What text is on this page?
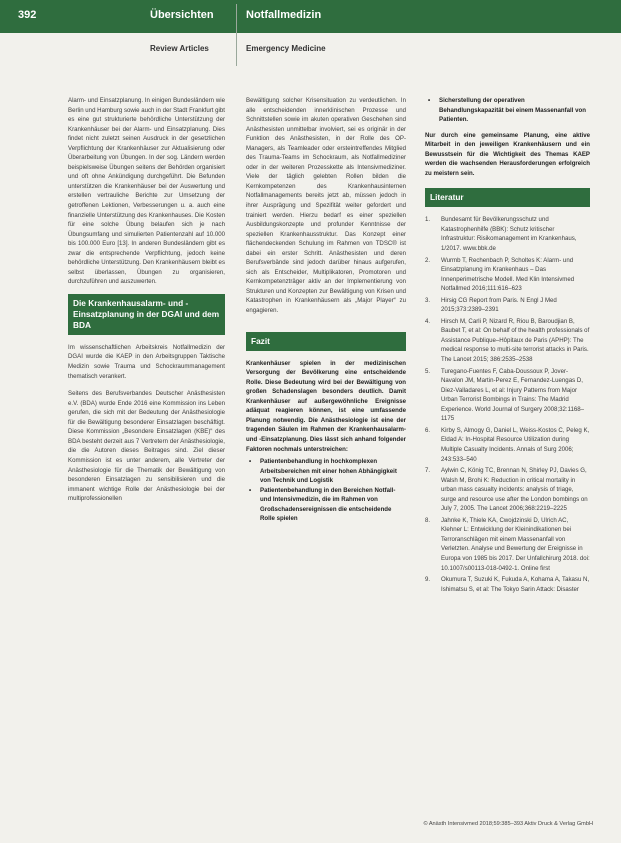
392	Übersichten	Notfallmedizin
Review Articles	Emergency Medicine

Alarm- und Einsatzplanung. In einigen Bundesländern wie Berlin und Hamburg sowie auch in der Stadt Frankfurt gibt es eine gut strukturierte behördliche Unterstützung der Krankenhäuser bei der Alarm- und Einsatzplanung. Dies findet nicht zuletzt seinen Ausdruck in der gesetzlichen Verpflichtung der Krankenhäuser zur Aktualisierung oder Überarbeitung von Übungen. In der sog. Ländern werden beispielsweise Übungen seitens der Behörden organisiert und oft ohne Ankündigung durchgeführt. Die Befunden unterstützen die Krankenhäuser bei der Auswertung und erstellen vertrauliche Berichte zur Umsetzung der getroffenen Lektionen, Verbesserungen u. a. auch eine finanzielle Unterstützung des Krankenhauses. Die Kosten für eine solche Übung belaufen sich je nach Übungsumfang und simulierten Patientenzahl auf 10.000 bis 100.000 Euro [13]. In anderen Bundesländern gibt es zwar die entsprechende Verpflichtung, jedoch keine behördliche Unterstützung. Den Krankenhäusern bleibt es selbst überlassen, Übungen zu organisieren, durchzuführen und auszuwerten.

Die Krankenhausalarm- und -Einsatzplanung in der DGAI und dem BDA

Im wissenschaftlichen Arbeitskreis Notfallmedizin der DGAI wurde die KAEP in den Arbeitsgruppen Taktische Medizin sowie Trauma und Schockraummanagement thematisch verankert.

Seitens des Berufsverbandes Deutscher Anästhesisten e.V. (BDA) wurde Ende 2016 eine Kommission ins Leben gerufen, die sich mit der Bedeutung der Anästhesiologie für die Bewältigung besonderer Einsatzlagen beschäftigt. Diese Kommission „Besondere Einsatzlagen (KBE)“ des BDA besteht derzeit aus 7 Vertretern der Anästhesiologie, die die Autoren dieses Beitrages sind. Ziel dieser Kommission ist es unter anderem, alle Vertreter der Anästhesiologie für die Thematik der Bewältigung von besonderen Einsatzlagen zu sensibilisieren und die immanent wichtige Rolle der Anästhesiologie bei der multiprofessionellen

Bewältigung solcher Krisensituation zu verdeutlichen. In alle entscheidenden innerklinischen Prozesse und Schnittstellen sowie im akuten operativen Geschehen sind Anästhesisten unmittelbar involviert, sei es originär in der Funktion des Anästhesisten, in der Rolle des OP-Managers, als Teamleader oder ersteintreffendes Mitglied des Trauma-Teams im Schockraum, als Notfallmediziner oder in der weiteren Prozesskette als Intensivmediziner. Viele der täglich gelebten Rollen bilden die Kernkompetenzen des Krankenhausinternen Notfallmanagements bereits jetzt ab, müssen jedoch in ihrer Ausprägung und Spezifität weiter gefordert und trainiert werden. Hierzu bedarf es einer speziellen Ausbildungskonzepte und profunder Kenntnisse der speziellen Krankenhausstruktur. Das Konzept einer flächendeckenden Schulung im Rahmen von TDSC® ist dabei ein erster Schritt. Anästhesisten und deren Berufsverbände sind jedoch darüber hinaus aufgerufen, sich als Entscheider, Multiplikatoren, Promotoren und Kernkompetenzträger aktiv an der Implementierung von Strukturen und Konzepten zur Bewältigung von Krisen und Katastrophen in Krankenhäusern als „Major Player“ zu engagieren.

Fazit

Krankenhäuser spielen in der medizinischen Versorgung der Bevölkerung eine entscheidende Rolle. Diese Bedeutung wird bei der Bewältigung von großen Schadenslagen besonders deutlich. Damit Krankenhäuser auf außergewöhnliche Ereignisse adäquat reagieren können, ist eine umfassende Planung notwendig. Die Anästhesiologie ist eine der tragenden Säulen im Rahmen der Krankenhausalarm- und -Einsatzplanung. Dies lässt sich anhand folgender Faktoren nochmals unterstreichen:

• Patientenbehandlung in hochkomplexen Arbeitsbereichen mit einer hohen Abhängigkeit von Technik und Logistik
• Patientenbehandlung in den Bereichen Notfall- und Intensivmedizin, die im Rahmen von Großschadensereignissen die entscheidende Rolle spielen
• Sicherstellung der operativen Behandlungskapazität bei einem Massenanfall von Patienten.

Nur durch eine gemeinsame Planung, eine aktive Mitarbeit in den jeweiligen Krankenhäusern und ein Bewusstsein für die Wichtigkeit des Themas KAEP werden die wachsenden Herausforderungen erfolgreich zu meistern sein.

Literatur
1. Bundesamt für Bevölkerungsschutz und Katastrophenhilfe (BBK): Schutz kritischer Infrastruktur: Risikomanagement im Krankenhaus, 1/2017. www.bbk.de
2. Wurmb T, Rechenbach P, Scholtes K: Alarm- und Einsatzplanung im Krankenhaus – Das Innenperimetrische Modell. Med Klin Intensivmed Notfallmed 2016;111:616–623
3. Hirsig CG Report from Paris. N Engl J Med 2015;373:2389–2391
4. Hirsch M, Carli P, Nizard R, Riou B, Baroudjian B, Baubet T, et al: On behalf of the health professionals of Assistance Publique–Hôpitaux de Paris (APHP): The medical response to multi-site terrorist attacks in Paris. The Lancet 2015; 386:2535–2538
5. Turegano-Fuentes F, Caba-Doussoux P, Jover-Navalon JM, Martin-Perez E, Fernandez-Luengas D, Diez-Valladares L, et al: Injury Patterns from Major Urban Terrorist Bombings in Trains: The Madrid Experience. World Journal of Surgery 2008;32:1168–1175
6. Kirby S, Almogy G, Daniel L, Weiss-Kostos C, Peleg K, Eldad A: In-Hospital Resource Utilization during Multiple Casualty Incidents. Annals of Surg 2006; 243:533–540
7. Aylwin C, König TC, Brennan N, Shirley PJ, Davies G, Walsh M, Brohi K: Reduction in critical mortality in urban mass casualty incidents: analysis of triage, surge and resource use after the London bombings on July 7, 2005. The Lancet 2006;368:2219–2225
8. Jahnke K, Thiele KA, Cwojdzinski D, Ulrich AC, Klehner L: Entwicklung der Kleinindikationen bei Terroranschlägen mit einem Massenanfall von Verletzten. Analyse und Bewertung der Ereignisse in Europa von 1985 bis 2017. Der Unfallchirurg 2018. doi: 10.1007/s00113-018-0492-1. Online first
9. Okumura T, Suzuki K, Fukuda A, Kohama A, Takasu N, Ishimatsu S, et al: The Tokyo Sarin Attack: Disaster
© Anästh Intensivmed 2018;59:385–393 Aktiv Druck & Verlag GmbH
